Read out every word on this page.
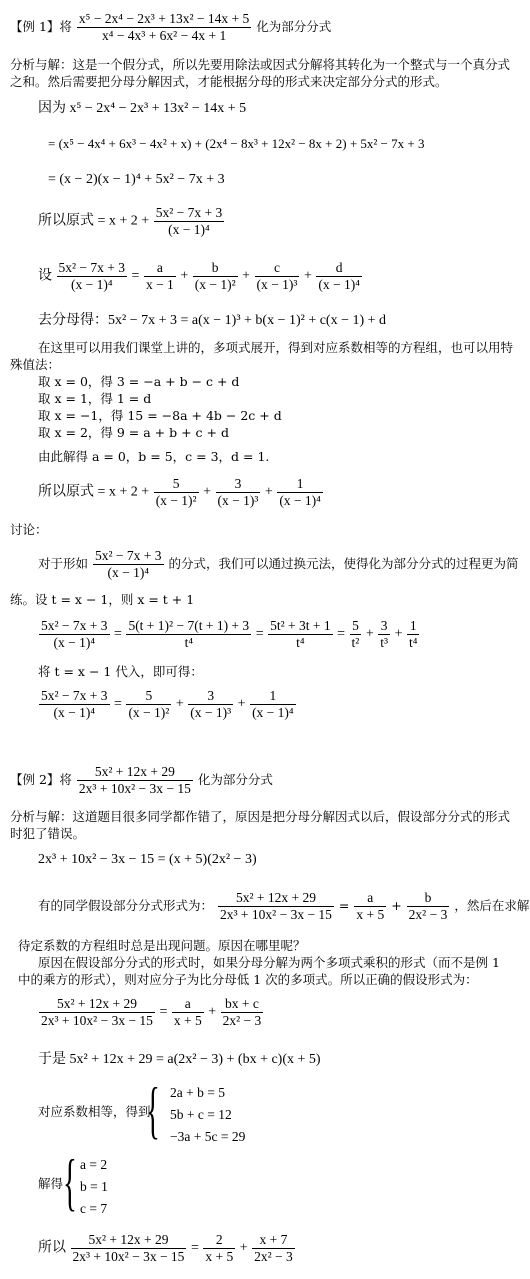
【例 1】将 $\frac{\text{x⁵ − 2x⁴ − 2x³ + 13x² − 14x + 5}}{\text{x⁴ − 4x³ + 6x² − 4x + 1}}$ 化为部分分式
分析与解：这是一个假分式，所以先要用除法或因式分解将其转化为一个整式与一个真分式
之和。然后需要把分母分解因式，才能根据分母的形式来决定部分分式的形式。
因为 x⁵ − 2x⁴ − 2x³ + 13x² − 14x + 5
= (x⁵ − 4x⁴ + 6x³ − 4x² + x) + (2x⁴ − 8x³ + 12x² − 8x + 2) + 5x² − 7x + 3
= (x − 2)(x − 1)⁴ + 5x² − 7x + 3
所以原式 = $x + 2 + \frac{\text{5x² − 7x + 3}}{\text{(x − 1)⁴}}$
设 $\frac{\text{5x² − 7x + 3}}{\text{(x − 1)⁴}} = \frac{a}{x - 1} + \frac{b}{\text{(x − 1)²}} + \frac{c}{\text{(x − 1)³}} + \frac{d}{\text{(x − 1)⁴}}$
去分母得：5x² − 7x + 3 = a(x − 1)³ + b(x − 1)² + c(x − 1) + d
在这里可以用我们课堂上讲的，多项式展开，得到对应系数相等的方程组，也可以用特
殊值法：
取 x = 0，得 3 = −a + b − c + d
取 x = 1，得 1 = d
取 x = −1，得 15 = −8a + 4b − 2c + d
取 x = 2，得 9 = a + b + c + d
由此解得 a = 0，b = 5，c = 3，d = 1.
所以原式 = $x + 2 + \frac{5}{\text{(x − 1)²}} + \frac{3}{\text{(x − 1)³}} + \frac{1}{\text{(x − 1)⁴}}$
讨论：
对于形如 $\frac{\text{5x² − 7x + 3}}{\text{(x − 1)⁴}}$ 的分式，我们可以通过换元法，使得化为部分分式的过程更为简
练。设 t = x − 1，则 x = t + 1
$\frac{\text{5x² − 7x + 3}}{\text{(x − 1)⁴}} = \frac{\text{5(t + 1)² − 7(t + 1) + 3}}{\text{t⁴}} = \frac{\text{5t² + 3t + 1}}{\text{t⁴}} = \frac{5}{\text{t²}} + \frac{3}{\text{t³}} + \frac{1}{\text{t⁴}}$
将 t = x − 1 代入，即可得：
$\frac{\text{5x² − 7x + 3}}{\text{(x − 1)⁴}} = \frac{5}{\text{(x − 1)²}} + \frac{3}{\text{(x − 1)³}} + \frac{1}{\text{(x − 1)⁴}}$
【例 2】将 $\frac{\text{5x² + 12x + 29}}{\text{2x³ + 10x² − 3x − 15}}$ 化为部分分式
分析与解：这道题目很多同学都作错了，原因是把分母分解因式以后，假设部分分式的形式
时犯了错误。
2x³ + 10x² − 3x − 15 = (x + 5)(2x² − 3)
有的同学假设部分分式形式为： $\frac{\text{5x² + 12x + 29}}{\text{2x³ + 10x² − 3x − 15}} = \frac{a}{x + 5} + \frac{b}{\text{2x² − 3}}$ ，然后在求解
待定系数的方程组时总是出现问题。原因在哪里呢？
原因在假设部分分式的形式时，如果分母分解为两个多项式乘积的形式（而不是例 1
中的乘方的形式），则对应分子为比分母低 1 次的多项式。所以正确的假设形式为：
$\frac{\text{5x² + 12x + 29}}{\text{2x³ + 10x² − 3x − 15}} = \frac{a}{x + 5} + \frac{bx + c}{\text{2x² − 3}}$
于是 5x² + 12x + 29 = a(2x² − 3) + (bx + c)(x + 5)
对应系数相等，得到
{ 2a + b = 5
5b + c = 12
−3a + 5c = 29
解得 { a = 2
b = 1
c = 7
所以 $\frac{\text{5x² + 12x + 29}}{\text{2x³ + 10x² − 3x − 15}} = \frac{2}{x + 5} + \frac{x + 7}{\text{2x² − 3}}$
